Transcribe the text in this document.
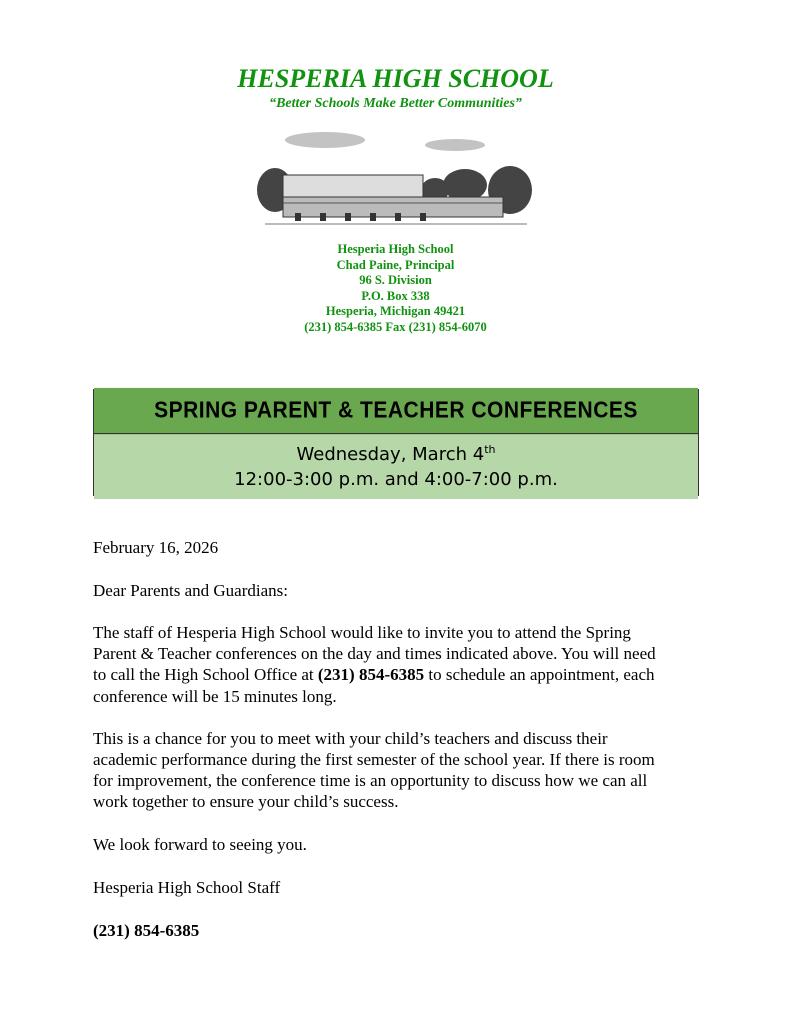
HESPERIA HIGH SCHOOL
“Better Schools Make Better Communities”
Hesperia High School
Chad Paine, Principal
96 S. Division
P.O. Box 338
Hesperia, Michigan 49421
(231) 854-6385 Fax (231) 854-6070
SPRING PARENT & TEACHER CONFERENCES
Wednesday, March 4th
12:00-3:00 p.m. and 4:00-7:00 p.m.
February 16, 2026
Dear Parents and Guardians:
The staff of Hesperia High School would like to invite you to attend the Spring
Parent & Teacher conferences on the day and times indicated above. You will need
to call the High School Office at (231) 854-6385 to schedule an appointment, each
conference will be 15 minutes long.
This is a chance for you to meet with your child’s teachers and discuss their
academic performance during the first semester of the school year. If there is room
for improvement, the conference time is an opportunity to discuss how we can all
work together to ensure your child’s success.
We look forward to seeing you.
Hesperia High School Staff
(231) 854-6385
